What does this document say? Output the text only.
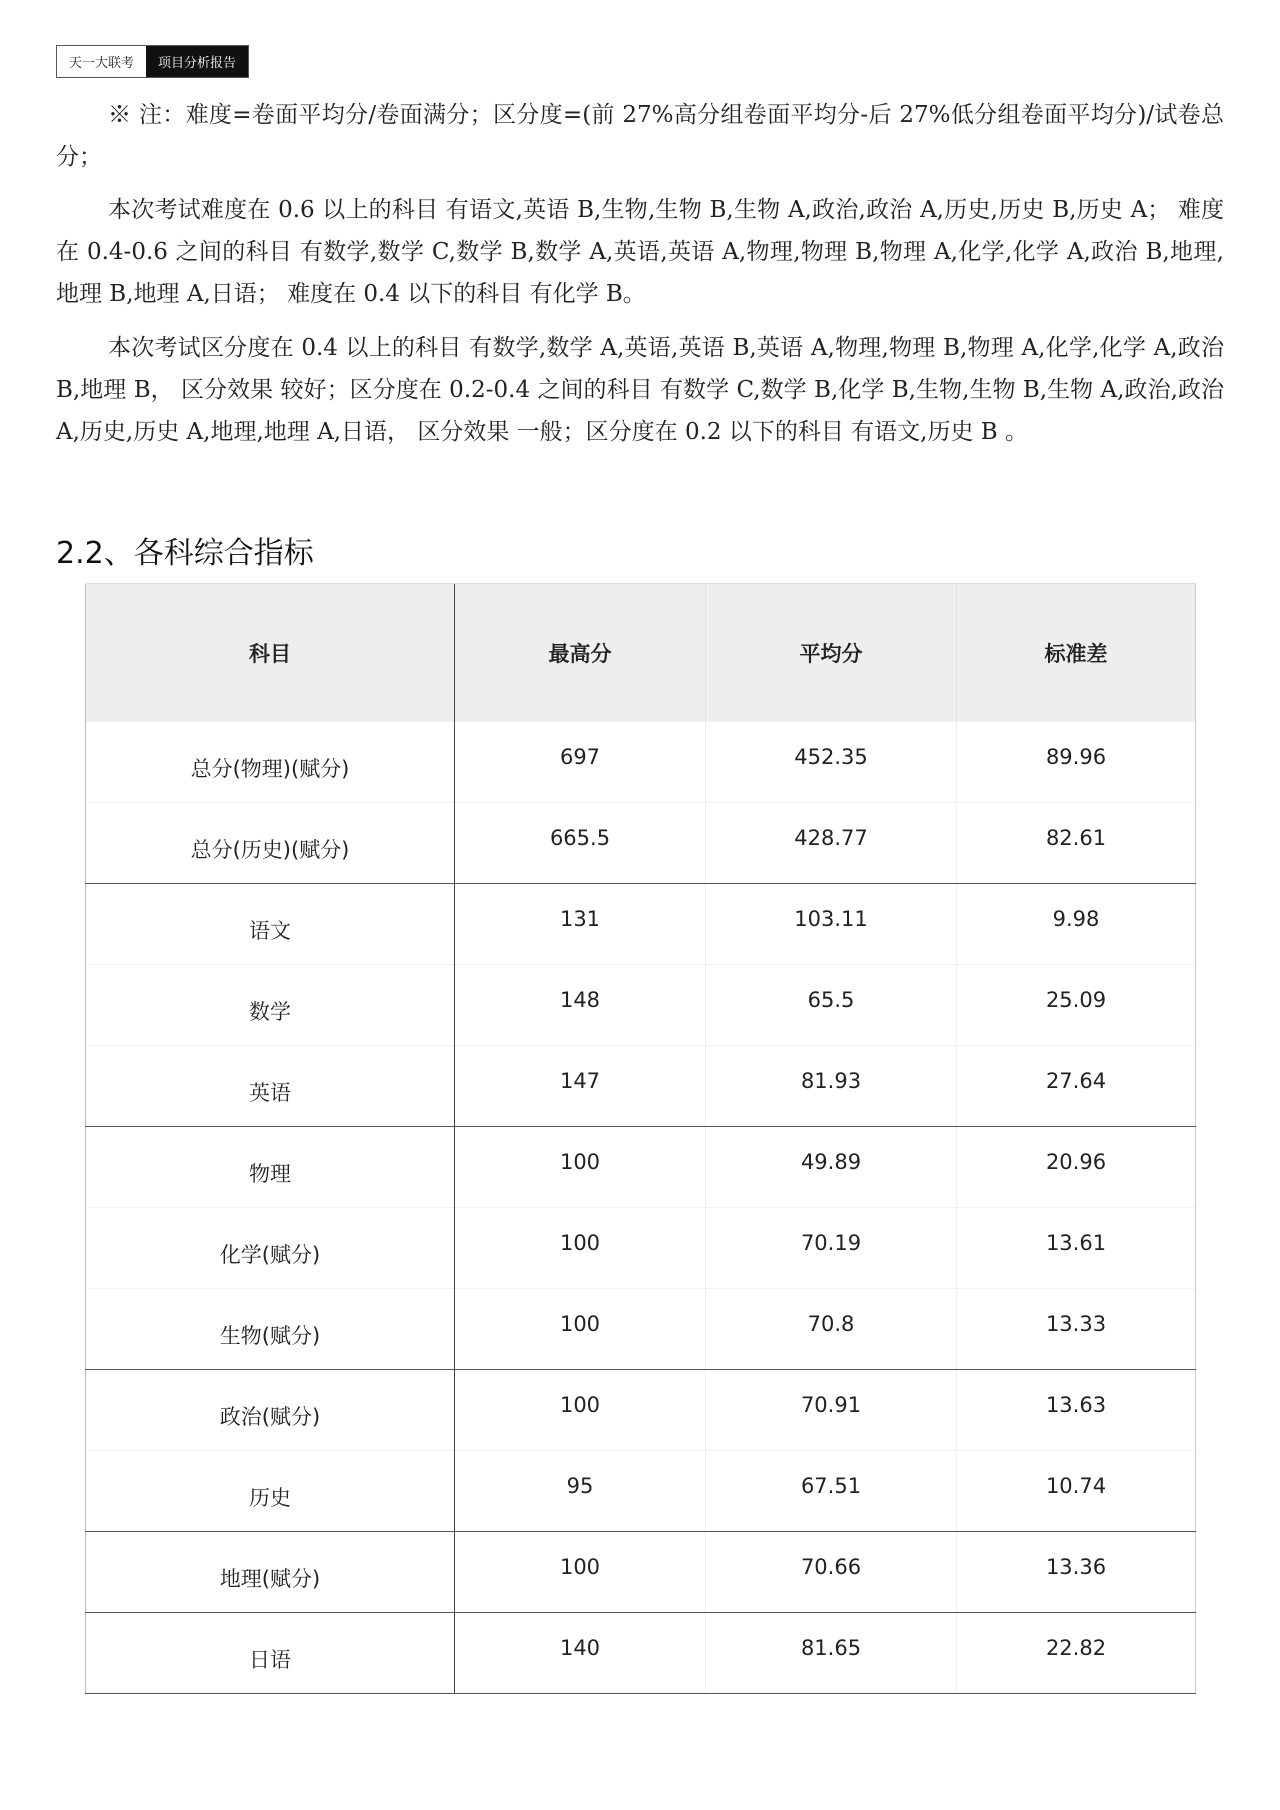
天一大联考	项目分析报告

※ 注：难度=卷面平均分/卷面满分；区分度=(前 27%高分组卷面平均分-后 27%低分组卷面平均分)/试卷总分；

本次考试难度在 0.6 以上的科目 有语文,英语 B,生物,生物 B,生物 A,政治,政治 A,历史,历史 B,历史 A； 难度在 0.4-0.6 之间的科目 有数学,数学 C,数学 B,数学 A,英语,英语 A,物理,物理 B,物理 A,化学,化学 A,政治 B,地理,地理 B,地理 A,日语； 难度在 0.4 以下的科目 有化学 B。

本次考试区分度在 0.4 以上的科目 有数学,数学 A,英语,英语 B,英语 A,物理,物理 B,物理 A,化学,化学 A,政治 B,地理 B， 区分效果 较好；区分度在 0.2-0.4 之间的科目 有数学 C,数学 B,化学 B,生物,生物 B,生物 A,政治,政治 A,历史,历史 A,地理,地理 A,日语， 区分效果 一般；区分度在 0.2 以下的科目 有语文,历史 B 。

2.2、各科综合指标
科目	最高分	平均分	标准差
总分(物理)(赋分)	697	452.35	89.96
总分(历史)(赋分)	665.5	428.77	82.61
语文	131	103.11	9.98
数学	148	65.5	25.09
英语	147	81.93	27.64
物理	100	49.89	20.96
化学(赋分)	100	70.19	13.61
生物(赋分)	100	70.8	13.33
政治(赋分)	100	70.91	13.63
历史	95	67.51	10.74
地理(赋分)	100	70.66	13.36
日语	140	81.65	22.82
